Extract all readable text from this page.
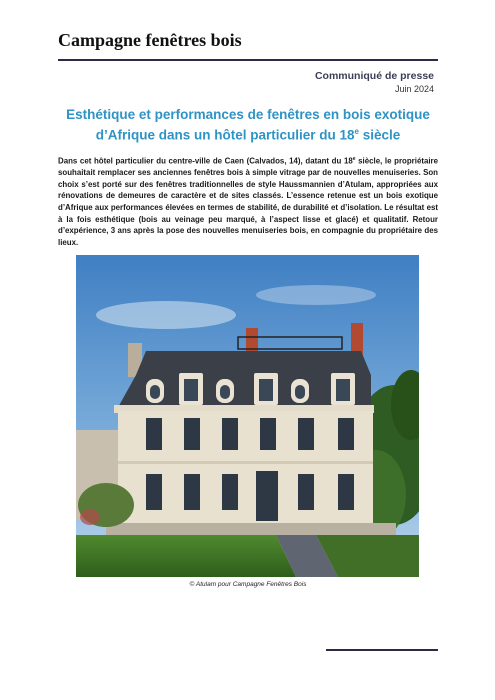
Campagne fenêtres bois
Communiqué de presse
Juin 2024
Esthétique et performances de fenêtres en bois exotique
d’Afrique dans un hôtel particulier du 18e siècle
Dans cet hôtel particulier du centre-ville de Caen (Calvados, 14), datant du 18e siècle, le propriétaire souhaitait remplacer ses anciennes fenêtres bois à simple vitrage par de nouvelles menuiseries. Son choix s’est porté sur des fenêtres traditionnelles de style Haussmannien d’Atulam, appropriées aux rénovations de demeures de caractère et de sites classés. L’essence retenue est un bois exotique d’Afrique aux performances élevées en termes de stabilité, de durabilité et d’isolation. Le résultat est à la fois esthétique (bois au veinage peu marqué, à l’aspect lisse et glacé) et qualitatif. Retour d’expérience, 3 ans après la pose des nouvelles menuiseries bois, en compagnie du propriétaire des lieux.
© Atulam pour Campagne Fenêtres Bois
